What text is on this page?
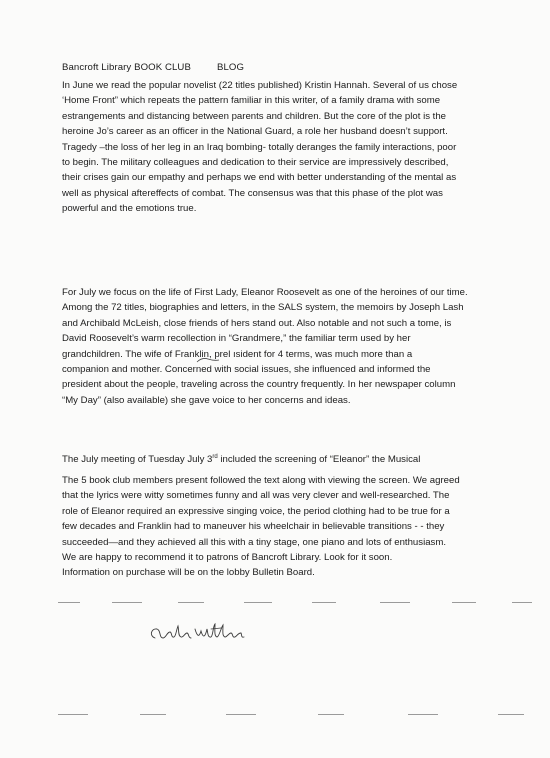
Bancroft Library BOOK CLUB	BLOG
In June we read the popular novelist (22 titles published) Kristin Hannah. Several of us chose
‘Home Front” which repeats the pattern familiar in this writer, of a family drama with some
estrangements and distancing between parents and children. But the core of the plot is the
heroine Jo’s career as an officer in the National Guard, a role her husband doesn’t support.
Tragedy –the loss of her leg in an Iraq bombing- totally deranges the family interactions, poor
to begin. The military colleagues and dedication to their service are impressively described,
their crises gain our empathy and perhaps we end with better understanding of the mental as
well as physical aftereffects of combat. The consensus was that this phase of the plot was
powerful and the emotions true.
For July we focus on the life of First Lady, Eleanor Roosevelt as one of the heroines of our time.
Among the 72 titles, biographies and letters, in the SALS system, the memoirs by Joseph Lash
and Archibald McLeish, close friends of hers stand out. Also notable and not such a tome, is
David Roosevelt’s warm recollection in “Grandmere,” the familiar term used by her
grandchildren. The wife of Franklin, prel ısident for 4 terms, was much more than a
companion and mother. Concerned with social issues, she influenced and informed the
president about the people, traveling across the country frequently. In her newspaper column
“My Day” (also available) she gave voice to her concerns and ideas.
The July meeting of Tuesday July 3rd included the screening of “Eleanor” the Musical
The 5 book club members present followed the text along with viewing the screen. We agreed
that the lyrics were witty sometimes funny and all was very clever and well-researched. The
role of Eleanor required an expressive singing voice, the period clothing had to be true for a
few decades and Franklin had to maneuver his wheelchair in believable transitions - - they
succeeded—and they achieved all this with a tiny stage, one piano and lots of enthusiasm.
We are happy to recommend it to patrons of Bancroft Library. Look for it soon.
Information on purchase will be on the lobby Bulletin Board.
